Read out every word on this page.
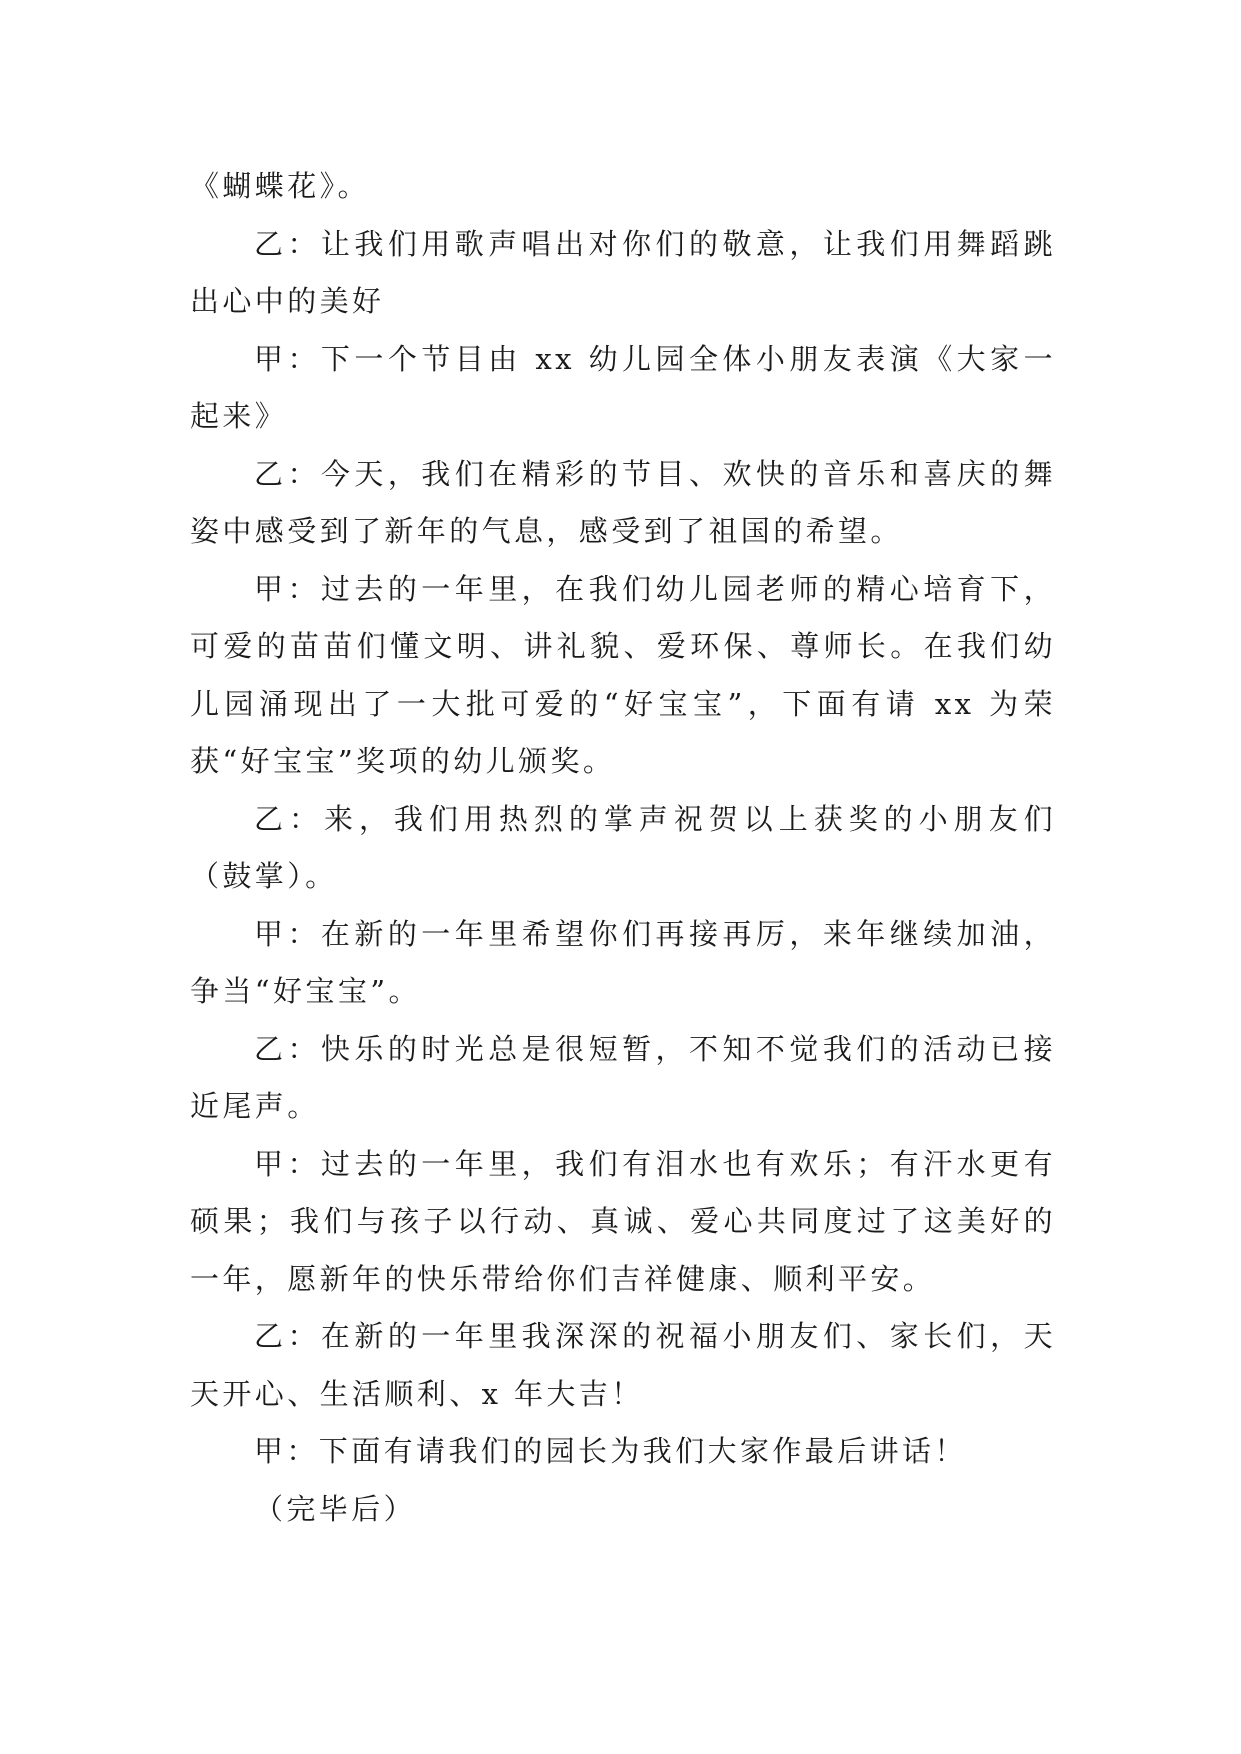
《蝴蝶花》。

乙：让我们用歌声唱出对你们的敬意，让我们用舞蹈跳出心中的美好

甲：下一个节目由 xx 幼儿园全体小朋友表演《大家一起来》

乙：今天，我们在精彩的节目、欢快的音乐和喜庆的舞姿中感受到了新年的气息，感受到了祖国的希望。

甲：过去的一年里，在我们幼儿园老师的精心培育下，可爱的苗苗们懂文明、讲礼貌、爱环保、尊师长。在我们幼儿园涌现出了一大批可爱的“好宝宝”，下面有请 xx 为荣获“好宝宝”奖项的幼儿颁奖。

乙：来，我们用热烈的掌声祝贺以上获奖的小朋友们（鼓掌）。

甲：在新的一年里希望你们再接再厉，来年继续加油，争当“好宝宝”。

乙：快乐的时光总是很短暂，不知不觉我们的活动已接近尾声。

甲：过去的一年里，我们有泪水也有欢乐；有汗水更有硕果；我们与孩子以行动、真诚、爱心共同度过了这美好的一年，愿新年的快乐带给你们吉祥健康、顺利平安。

乙：在新的一年里我深深的祝福小朋友们、家长们，天天开心、生活顺利、x 年大吉！

甲：下面有请我们的园长为我们大家作最后讲话！

（完毕后）
